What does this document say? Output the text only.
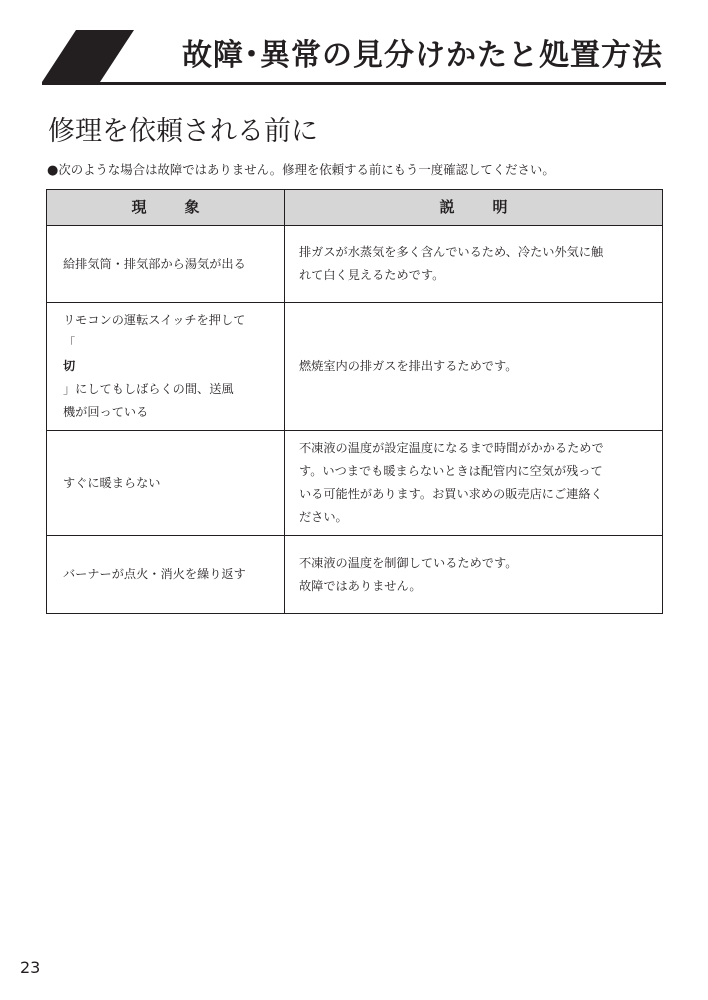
故障･異常の見分けかたと処置方法
修理を依頼される前に
●次のような場合は故障ではありません。修理を依頼する前にもう一度確認してください。
現象	説明

給排気筒・排気部から湯気が出る	排ガスが水蒸気を多く含んでいるため、冷たい外気に触
れて白く見えるためです。

リモコンの運転スイッチを押して
「
切
」にしてもしばらくの間、送風
機が回っている	燃焼室内の排ガスを排出するためです。

すぐに暖まらない	不凍液の温度が設定温度になるまで時間がかかるためで
す。いつまでも暖まらないときは配管内に空気が残って
いる可能性があります。お買い求めの販売店にご連絡く
ださい。

バーナーが点火・消火を繰り返す	不凍液の温度を制御しているためです。
故障ではありません。
23
